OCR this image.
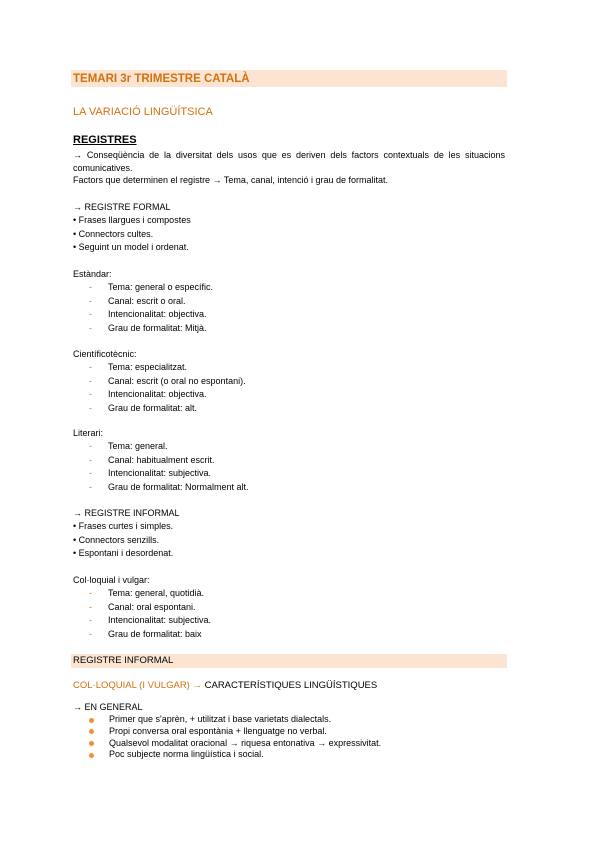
TEMARI 3r TRIMESTRE CATALÀ
LA VARIACIÓ LINGÜÍTSICA
REGISTRES

→ Conseqüència de la diversitat dels usos que es deriven dels factors contextuals de les situacions comunicatives.

Factors que determinen el registre → Tema, canal, intenció i grau de formalitat.

→ REGISTRE FORMAL
• Frases llargues i compostes
• Connectors cultes.
• Seguint un model i ordenat.
Estàndar:
- Tema: general o específic.
- Canal: escrit o oral.
- Intencionalitat: objectiva.
- Grau de formalitat: Mitjà.
Científicotècnic:
- Tema: especialitzat.
- Canal: escrit (o oral no espontani).
- Intencionalitat: objectiva.
- Grau de formalitat: alt.
Literari:
- Tema: general.
- Canal: habitualment escrit.
- Intencionalitat: subjectiva.
- Grau de formalitat: Normalment alt.
→ REGISTRE INFORMAL
• Frases curtes i simples.
• Connectors senzills.
• Espontani i desordenat.
Col·loquial i vulgar:
- Tema: general, quotidià.
- Canal: oral espontani.
- Intencionalitat: subjectiva.
- Grau de formalitat: baix
REGISTRE INFORMAL
COL·LOQUIAL (I VULGAR) → CARACTERÍSTIQUES LINGÜÍSTIQUES
→ EN GENERAL
Primer que s'aprèn, + utilitzat i base varietats dialectals.
Propi conversa oral espontània + llenguatge no verbal.
Qualsevol modalitat oracional → riquesa entonativa → expressivitat.
Poc subjecte norma lingüística i social.
